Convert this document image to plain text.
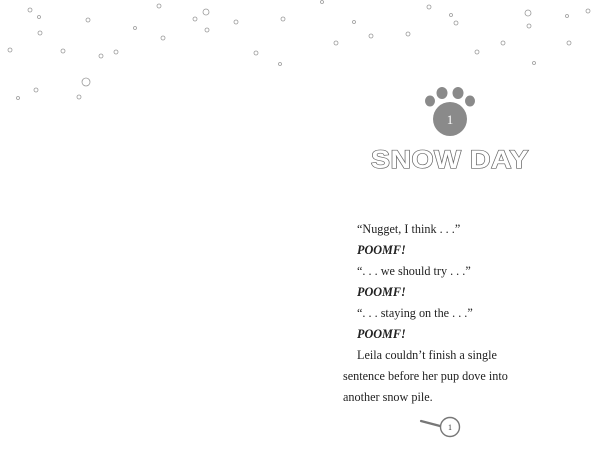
1
SNOW DAY
“Nugget, I think . . .”
POOMF!
“. . . we should try . . .”
POOMF!
“. . . staying on the . . .”
POOMF!
Leila couldn’t finish a single
sentence before her pup dove into
another snow pile.
1
